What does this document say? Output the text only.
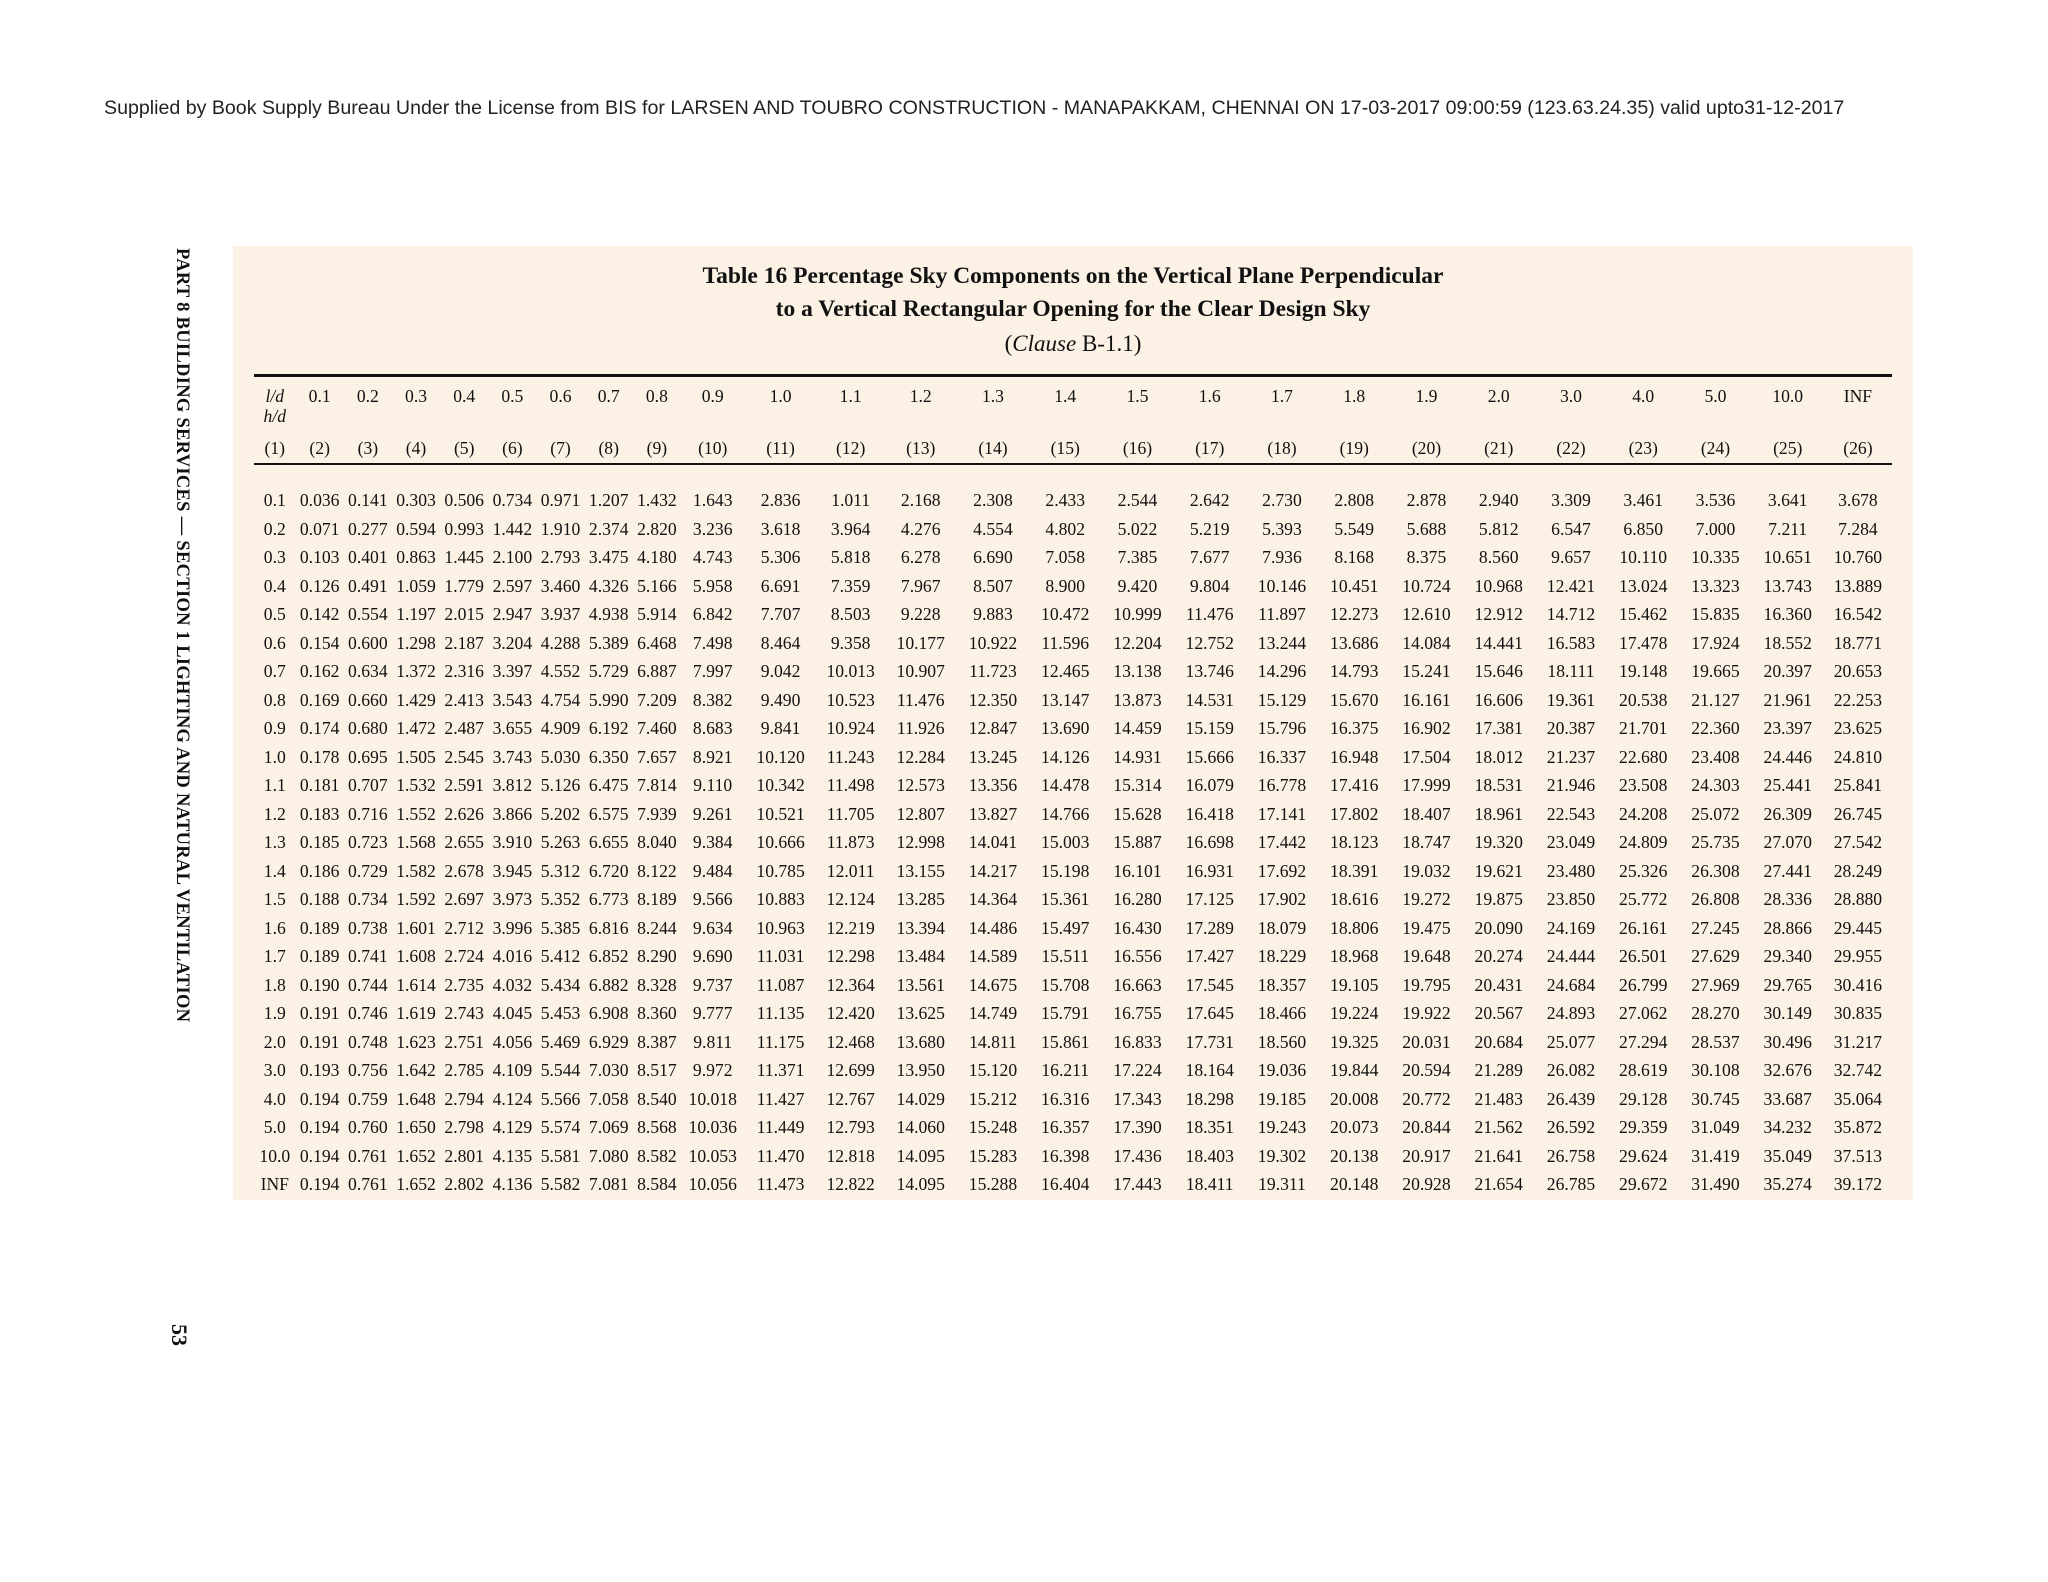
Supplied by Book Supply Bureau Under the License from BIS for LARSEN AND TOUBRO CONSTRUCTION - MANAPAKKAM, CHENNAI ON 17-03-2017 09:00:59 (123.63.24.35) valid upto31-12-2017
PART 8 BUILDING SERVICES — SECTION 1 LIGHTING AND NATURAL VENTILATION
53
Table 16 Percentage Sky Components on the Vertical Plane Perpendicular
to a Vertical Rectangular Opening for the Clear Design Sky
(Clause B-1.1)
l/d
h/d	0.1	0.2	0.3	0.4	0.5	0.6	0.7	0.8	0.9	1.0	1.1	1.2	1.3	1.4	1.5	1.6	1.7	1.8	1.9	2.0	3.0	4.0	5.0	10.0	INF
(1)	(2)	(3)	(4)	(5)	(6)	(7)	(8)	(9)	(10)	(11)	(12)	(13)	(14)	(15)	(16)	(17)	(18)	(19)	(20)	(21)	(22)	(23)	(24)	(25)	(26)

0.1	0.036	0.141	0.303	0.506	0.734	0.971	1.207	1.432	1.643	2.836	1.011	2.168	2.308	2.433	2.544	2.642	2.730	2.808	2.878	2.940	3.309	3.461	3.536	3.641	3.678
0.2	0.071	0.277	0.594	0.993	1.442	1.910	2.374	2.820	3.236	3.618	3.964	4.276	4.554	4.802	5.022	5.219	5.393	5.549	5.688	5.812	6.547	6.850	7.000	7.211	7.284
0.3	0.103	0.401	0.863	1.445	2.100	2.793	3.475	4.180	4.743	5.306	5.818	6.278	6.690	7.058	7.385	7.677	7.936	8.168	8.375	8.560	9.657	10.110	10.335	10.651	10.760
0.4	0.126	0.491	1.059	1.779	2.597	3.460	4.326	5.166	5.958	6.691	7.359	7.967	8.507	8.900	9.420	9.804	10.146	10.451	10.724	10.968	12.421	13.024	13.323	13.743	13.889
0.5	0.142	0.554	1.197	2.015	2.947	3.937	4.938	5.914	6.842	7.707	8.503	9.228	9.883	10.472	10.999	11.476	11.897	12.273	12.610	12.912	14.712	15.462	15.835	16.360	16.542
0.6	0.154	0.600	1.298	2.187	3.204	4.288	5.389	6.468	7.498	8.464	9.358	10.177	10.922	11.596	12.204	12.752	13.244	13.686	14.084	14.441	16.583	17.478	17.924	18.552	18.771
0.7	0.162	0.634	1.372	2.316	3.397	4.552	5.729	6.887	7.997	9.042	10.013	10.907	11.723	12.465	13.138	13.746	14.296	14.793	15.241	15.646	18.111	19.148	19.665	20.397	20.653
0.8	0.169	0.660	1.429	2.413	3.543	4.754	5.990	7.209	8.382	9.490	10.523	11.476	12.350	13.147	13.873	14.531	15.129	15.670	16.161	16.606	19.361	20.538	21.127	21.961	22.253
0.9	0.174	0.680	1.472	2.487	3.655	4.909	6.192	7.460	8.683	9.841	10.924	11.926	12.847	13.690	14.459	15.159	15.796	16.375	16.902	17.381	20.387	21.701	22.360	23.397	23.625
1.0	0.178	0.695	1.505	2.545	3.743	5.030	6.350	7.657	8.921	10.120	11.243	12.284	13.245	14.126	14.931	15.666	16.337	16.948	17.504	18.012	21.237	22.680	23.408	24.446	24.810
1.1	0.181	0.707	1.532	2.591	3.812	5.126	6.475	7.814	9.110	10.342	11.498	12.573	13.356	14.478	15.314	16.079	16.778	17.416	17.999	18.531	21.946	23.508	24.303	25.441	25.841
1.2	0.183	0.716	1.552	2.626	3.866	5.202	6.575	7.939	9.261	10.521	11.705	12.807	13.827	14.766	15.628	16.418	17.141	17.802	18.407	18.961	22.543	24.208	25.072	26.309	26.745
1.3	0.185	0.723	1.568	2.655	3.910	5.263	6.655	8.040	9.384	10.666	11.873	12.998	14.041	15.003	15.887	16.698	17.442	18.123	18.747	19.320	23.049	24.809	25.735	27.070	27.542
1.4	0.186	0.729	1.582	2.678	3.945	5.312	6.720	8.122	9.484	10.785	12.011	13.155	14.217	15.198	16.101	16.931	17.692	18.391	19.032	19.621	23.480	25.326	26.308	27.441	28.249
1.5	0.188	0.734	1.592	2.697	3.973	5.352	6.773	8.189	9.566	10.883	12.124	13.285	14.364	15.361	16.280	17.125	17.902	18.616	19.272	19.875	23.850	25.772	26.808	28.336	28.880
1.6	0.189	0.738	1.601	2.712	3.996	5.385	6.816	8.244	9.634	10.963	12.219	13.394	14.486	15.497	16.430	17.289	18.079	18.806	19.475	20.090	24.169	26.161	27.245	28.866	29.445
1.7	0.189	0.741	1.608	2.724	4.016	5.412	6.852	8.290	9.690	11.031	12.298	13.484	14.589	15.511	16.556	17.427	18.229	18.968	19.648	20.274	24.444	26.501	27.629	29.340	29.955
1.8	0.190	0.744	1.614	2.735	4.032	5.434	6.882	8.328	9.737	11.087	12.364	13.561	14.675	15.708	16.663	17.545	18.357	19.105	19.795	20.431	24.684	26.799	27.969	29.765	30.416
1.9	0.191	0.746	1.619	2.743	4.045	5.453	6.908	8.360	9.777	11.135	12.420	13.625	14.749	15.791	16.755	17.645	18.466	19.224	19.922	20.567	24.893	27.062	28.270	30.149	30.835
2.0	0.191	0.748	1.623	2.751	4.056	5.469	6.929	8.387	9.811	11.175	12.468	13.680	14.811	15.861	16.833	17.731	18.560	19.325	20.031	20.684	25.077	27.294	28.537	30.496	31.217
3.0	0.193	0.756	1.642	2.785	4.109	5.544	7.030	8.517	9.972	11.371	12.699	13.950	15.120	16.211	17.224	18.164	19.036	19.844	20.594	21.289	26.082	28.619	30.108	32.676	32.742
4.0	0.194	0.759	1.648	2.794	4.124	5.566	7.058	8.540	10.018	11.427	12.767	14.029	15.212	16.316	17.343	18.298	19.185	20.008	20.772	21.483	26.439	29.128	30.745	33.687	35.064
5.0	0.194	0.760	1.650	2.798	4.129	5.574	7.069	8.568	10.036	11.449	12.793	14.060	15.248	16.357	17.390	18.351	19.243	20.073	20.844	21.562	26.592	29.359	31.049	34.232	35.872
10.0	0.194	0.761	1.652	2.801	4.135	5.581	7.080	8.582	10.053	11.470	12.818	14.095	15.283	16.398	17.436	18.403	19.302	20.138	20.917	21.641	26.758	29.624	31.419	35.049	37.513
INF	0.194	0.761	1.652	2.802	4.136	5.582	7.081	8.584	10.056	11.473	12.822	14.095	15.288	16.404	17.443	18.411	19.311	20.148	20.928	21.654	26.785	29.672	31.490	35.274	39.172
